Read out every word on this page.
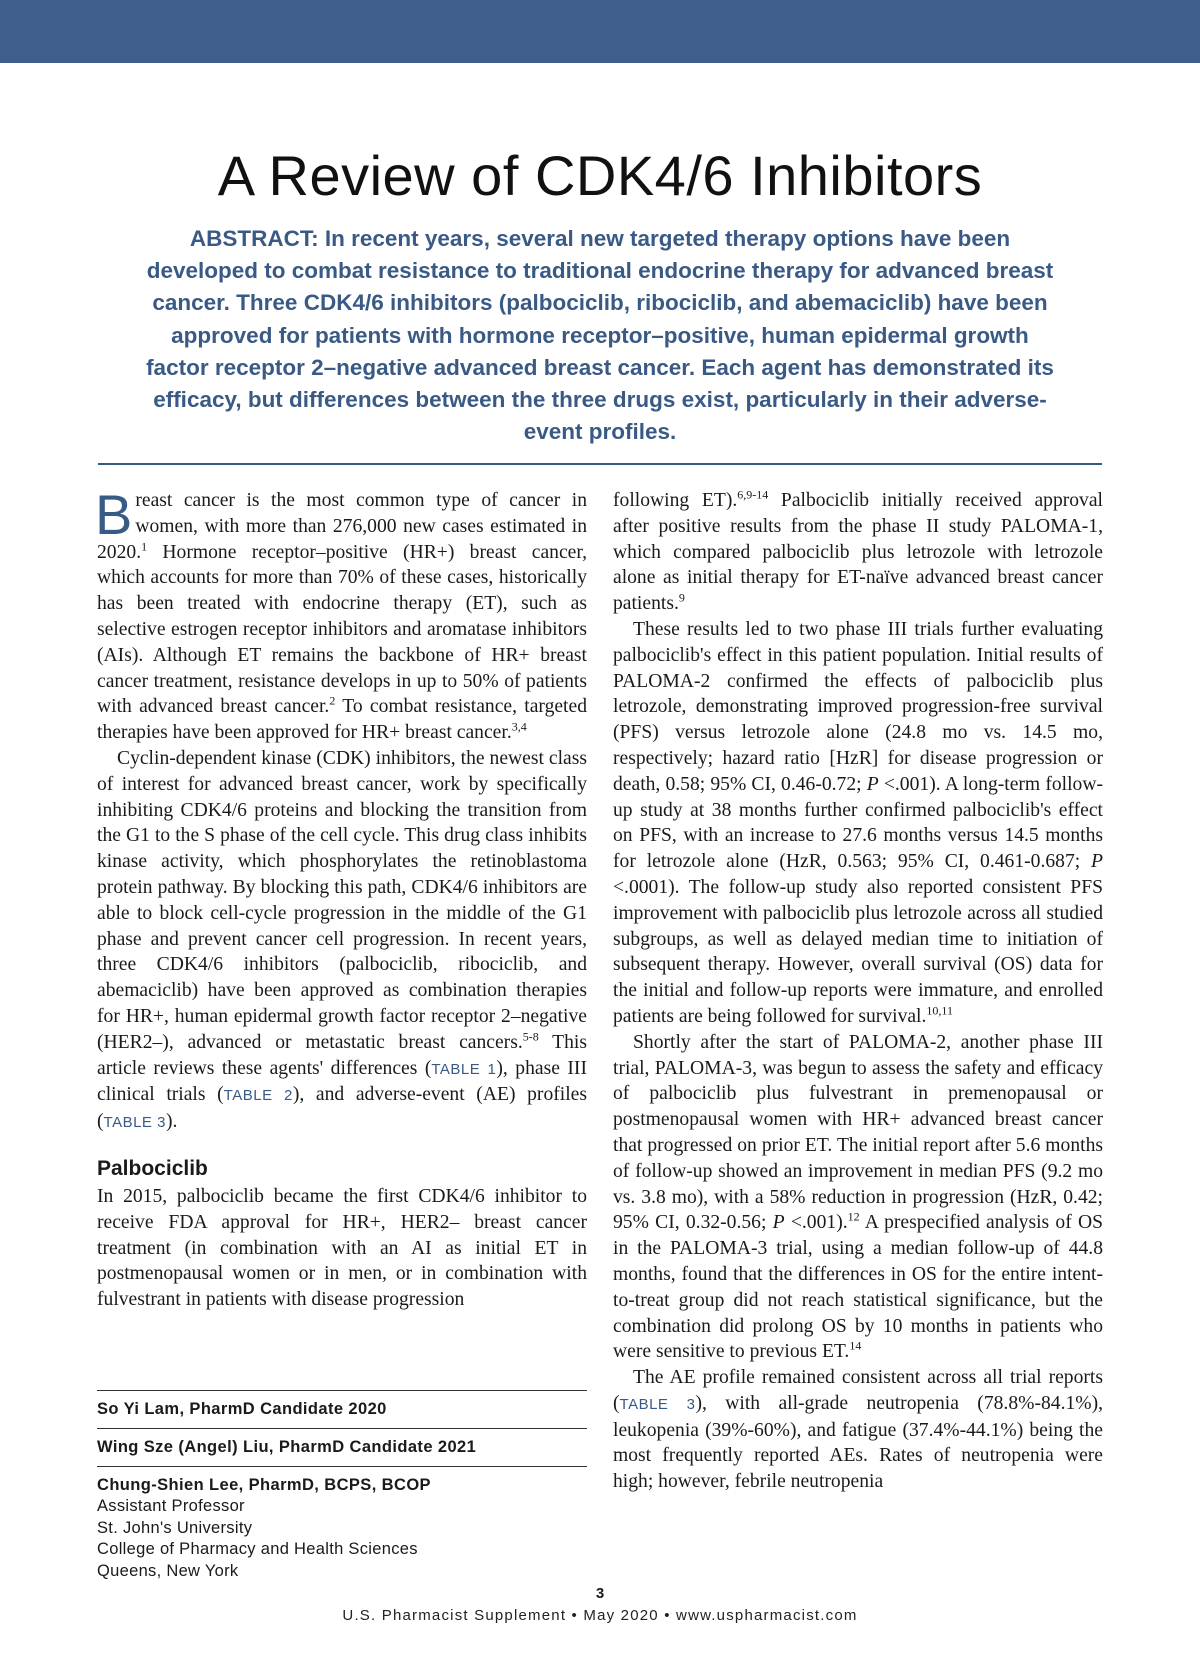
A Review of CDK4/6 Inhibitors

ABSTRACT: In recent years, several new targeted therapy options have been developed to combat resistance to traditional endocrine therapy for advanced breast cancer. Three CDK4/6 inhibitors (palbociclib, ribociclib, and abemaciclib) have been approved for patients with hormone receptor–positive, human epidermal growth factor receptor 2–negative advanced breast cancer. Each agent has demonstrated its efficacy, but differences between the three drugs exist, particularly in their adverse-event profiles.

Breast cancer is the most common type of cancer in women, with more than 276,000 new cases estimated in 2020.$^1$ Hormone receptor–positive (HR+) breast cancer, which accounts for more than 70% of these cases, historically has been treated with endocrine therapy (ET), such as selective estrogen receptor inhibitors and aromatase inhibitors (AIs). Although ET remains the backbone of HR+ breast cancer treatment, resistance develops in up to 50% of patients with advanced breast cancer.$^2$ To combat resistance, targeted therapies have been approved for HR+ breast cancer.$^{3,4}$

Cyclin-dependent kinase (CDK) inhibitors, the newest class of interest for advanced breast cancer, work by specifically inhibiting CDK4/6 proteins and blocking the transition from the G1 to the S phase of the cell cycle. This drug class inhibits kinase activity, which phosphorylates the retinoblastoma protein pathway. By blocking this path, CDK4/6 inhibitors are able to block cell-cycle progression in the middle of the G1 phase and prevent cancer cell progression. In recent years, three CDK4/6 inhibitors (palbociclib, ribociclib, and abemaciclib) have been approved as combination therapies for HR+, human epidermal growth factor receptor 2–negative (HER2–), advanced or metastatic breast cancers.$^{5-8}$ This article reviews these agents' differences (TABLE 1), phase III clinical trials (TABLE 2), and adverse-event (AE) profiles (TABLE 3).

Palbociclib

In 2015, palbociclib became the first CDK4/6 inhibitor to receive FDA approval for HR+, HER2– breast cancer treatment (in combination with an AI as initial ET in postmenopausal women or in men, or in combination with fulvestrant in patients with disease progression

So Yi Lam, PharmD Candidate 2020
Wing Sze (Angel) Liu, PharmD Candidate 2021
Chung-Shien Lee, PharmD, BCPS, BCOP
Assistant Professor
St. John's University
College of Pharmacy and Health Sciences
Queens, New York

following ET).$^{6,9-14}$ Palbociclib initially received approval after positive results from the phase II study PALOMA-1, which compared palbociclib plus letrozole with letrozole alone as initial therapy for ET-naïve advanced breast cancer patients.$^9$

These results led to two phase III trials further evaluating palbociclib's effect in this patient population. Initial results of PALOMA-2 confirmed the effects of palbociclib plus letrozole, demonstrating improved progression-free survival (PFS) versus letrozole alone (24.8 mo vs. 14.5 mo, respectively; hazard ratio [HzR] for disease progression or death, 0.58; 95% CI, 0.46-0.72; P <.001). A long-term follow-up study at 38 months further confirmed palbociclib's effect on PFS, with an increase to 27.6 months versus 14.5 months for letrozole alone (HzR, 0.563; 95% CI, 0.461-0.687; P <.0001). The follow-up study also reported consistent PFS improvement with palbociclib plus letrozole across all studied subgroups, as well as delayed median time to initiation of subsequent therapy. However, overall survival (OS) data for the initial and follow-up reports were immature, and enrolled patients are being followed for survival.$^{10,11}$

Shortly after the start of PALOMA-2, another phase III trial, PALOMA-3, was begun to assess the safety and efficacy of palbociclib plus fulvestrant in premenopausal or postmenopausal women with HR+ advanced breast cancer that progressed on prior ET. The initial report after 5.6 months of follow-up showed an improvement in median PFS (9.2 mo vs. 3.8 mo), with a 58% reduction in progression (HzR, 0.42; 95% CI, 0.32-0.56; P <.001).$^{12}$ A prespecified analysis of OS in the PALOMA-3 trial, using a median follow-up of 44.8 months, found that the differences in OS for the entire intent-to-treat group did not reach statistical significance, but the combination did prolong OS by 10 months in patients who were sensitive to previous ET.$^{14}$

The AE profile remained consistent across all trial reports (TABLE 3), with all-grade neutropenia (78.8%-84.1%), leukopenia (39%-60%), and fatigue (37.4%-44.1%) being the most frequently reported AEs. Rates of neutropenia were high; however, febrile neutropenia

3
U.S. Pharmacist Supplement • May 2020 • www.uspharmacist.com
